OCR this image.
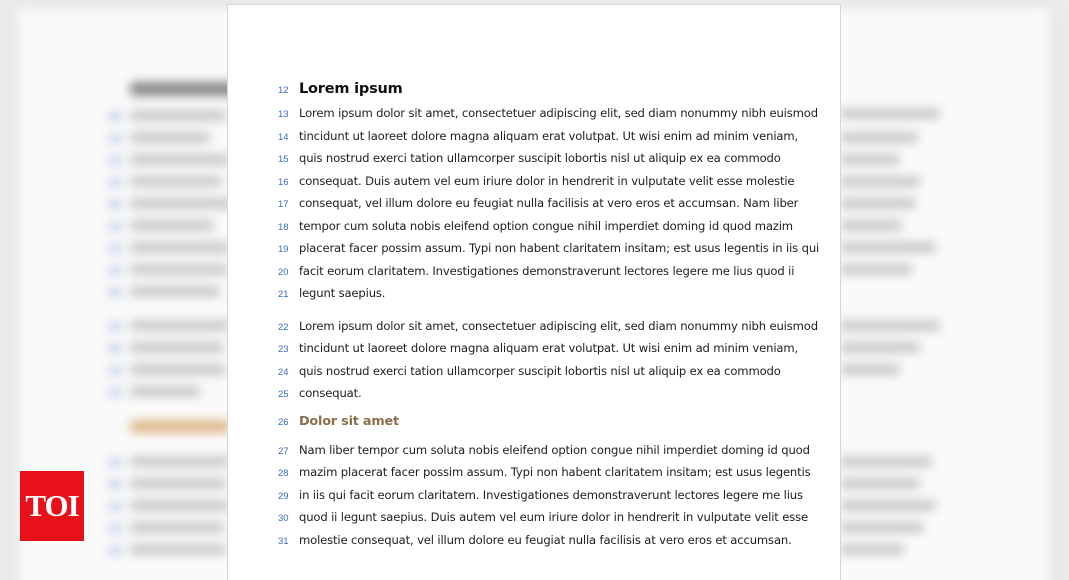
TOI
12 Lorem ipsum
13 Lorem ipsum dolor sit amet, consectetuer adipiscing elit, sed diam nonummy nibh euismod
14 tincidunt ut laoreet dolore magna aliquam erat volutpat. Ut wisi enim ad minim veniam,
15 quis nostrud exerci tation ullamcorper suscipit lobortis nisl ut aliquip ex ea commodo
16 consequat. Duis autem vel eum iriure dolor in hendrerit in vulputate velit esse molestie
17 consequat, vel illum dolore eu feugiat nulla facilisis at vero eros et accumsan. Nam liber
18 tempor cum soluta nobis eleifend option congue nihil imperdiet doming id quod mazim
19 placerat facer possim assum. Typi non habent claritatem insitam; est usus legentis in iis qui
20 facit eorum claritatem. Investigationes demonstraverunt lectores legere me lius quod ii
21 legunt saepius.
22 Lorem ipsum dolor sit amet, consectetuer adipiscing elit, sed diam nonummy nibh euismod
23 tincidunt ut laoreet dolore magna aliquam erat volutpat. Ut wisi enim ad minim veniam,
24 quis nostrud exerci tation ullamcorper suscipit lobortis nisl ut aliquip ex ea commodo
25 consequat.
26 Dolor sit amet
27 Nam liber tempor cum soluta nobis eleifend option congue nihil imperdiet doming id quod
28 mazim placerat facer possim assum. Typi non habent claritatem insitam; est usus legentis
29 in iis qui facit eorum claritatem. Investigationes demonstraverunt lectores legere me lius
30 quod ii legunt saepius. Duis autem vel eum iriure dolor in hendrerit in vulputate velit esse
31 molestie consequat, vel illum dolore eu feugiat nulla facilisis at vero eros et accumsan.
